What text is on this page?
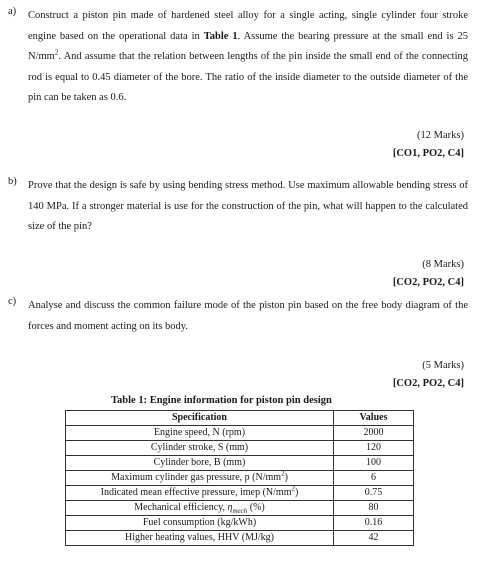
a) Construct a piston pin made of hardened steel alloy for a single acting, single cylinder four stroke engine based on the operational data in Table 1. Assume the bearing pressure at the small end is 25 $N/mm^2$. And assume that the relation between lengths of the pin inside the small end of the connecting rod is equal to 0.45 diameter of the bore. The ratio of the inside diameter to the outside diameter of the pin can be taken as 0.6.
(12 Marks)
[CO1, PO2, C4]
b) Prove that the design is safe by using bending stress method. Use maximum allowable bending stress of 140 MPa. If a stronger material is use for the construction of the pin, what will happen to the calculated size of the pin?
(8 Marks)
[CO2, PO2, C4]
c) Analyse and discuss the common failure mode of the piston pin based on the free body diagram of the forces and moment acting on its body.
(5 Marks)
[CO2, PO2, C4]
Table 1: Engine information for piston pin design
Specification	Values
Engine speed, N (rpm)	2000
Cylinder stroke, S (mm)	120
Cylinder bore, B (mm)	100
Maximum cylinder gas pressure, p $(N/mm^2)$	6
Indicated mean effective pressure, imep $(N/mm^2)$	0.75
Mechanical efficiency, $\eta_{mech}$ (%)	80
Fuel consumption (kg/kWh)	0.16
Higher heating values, HHV (MJ/kg)	42
